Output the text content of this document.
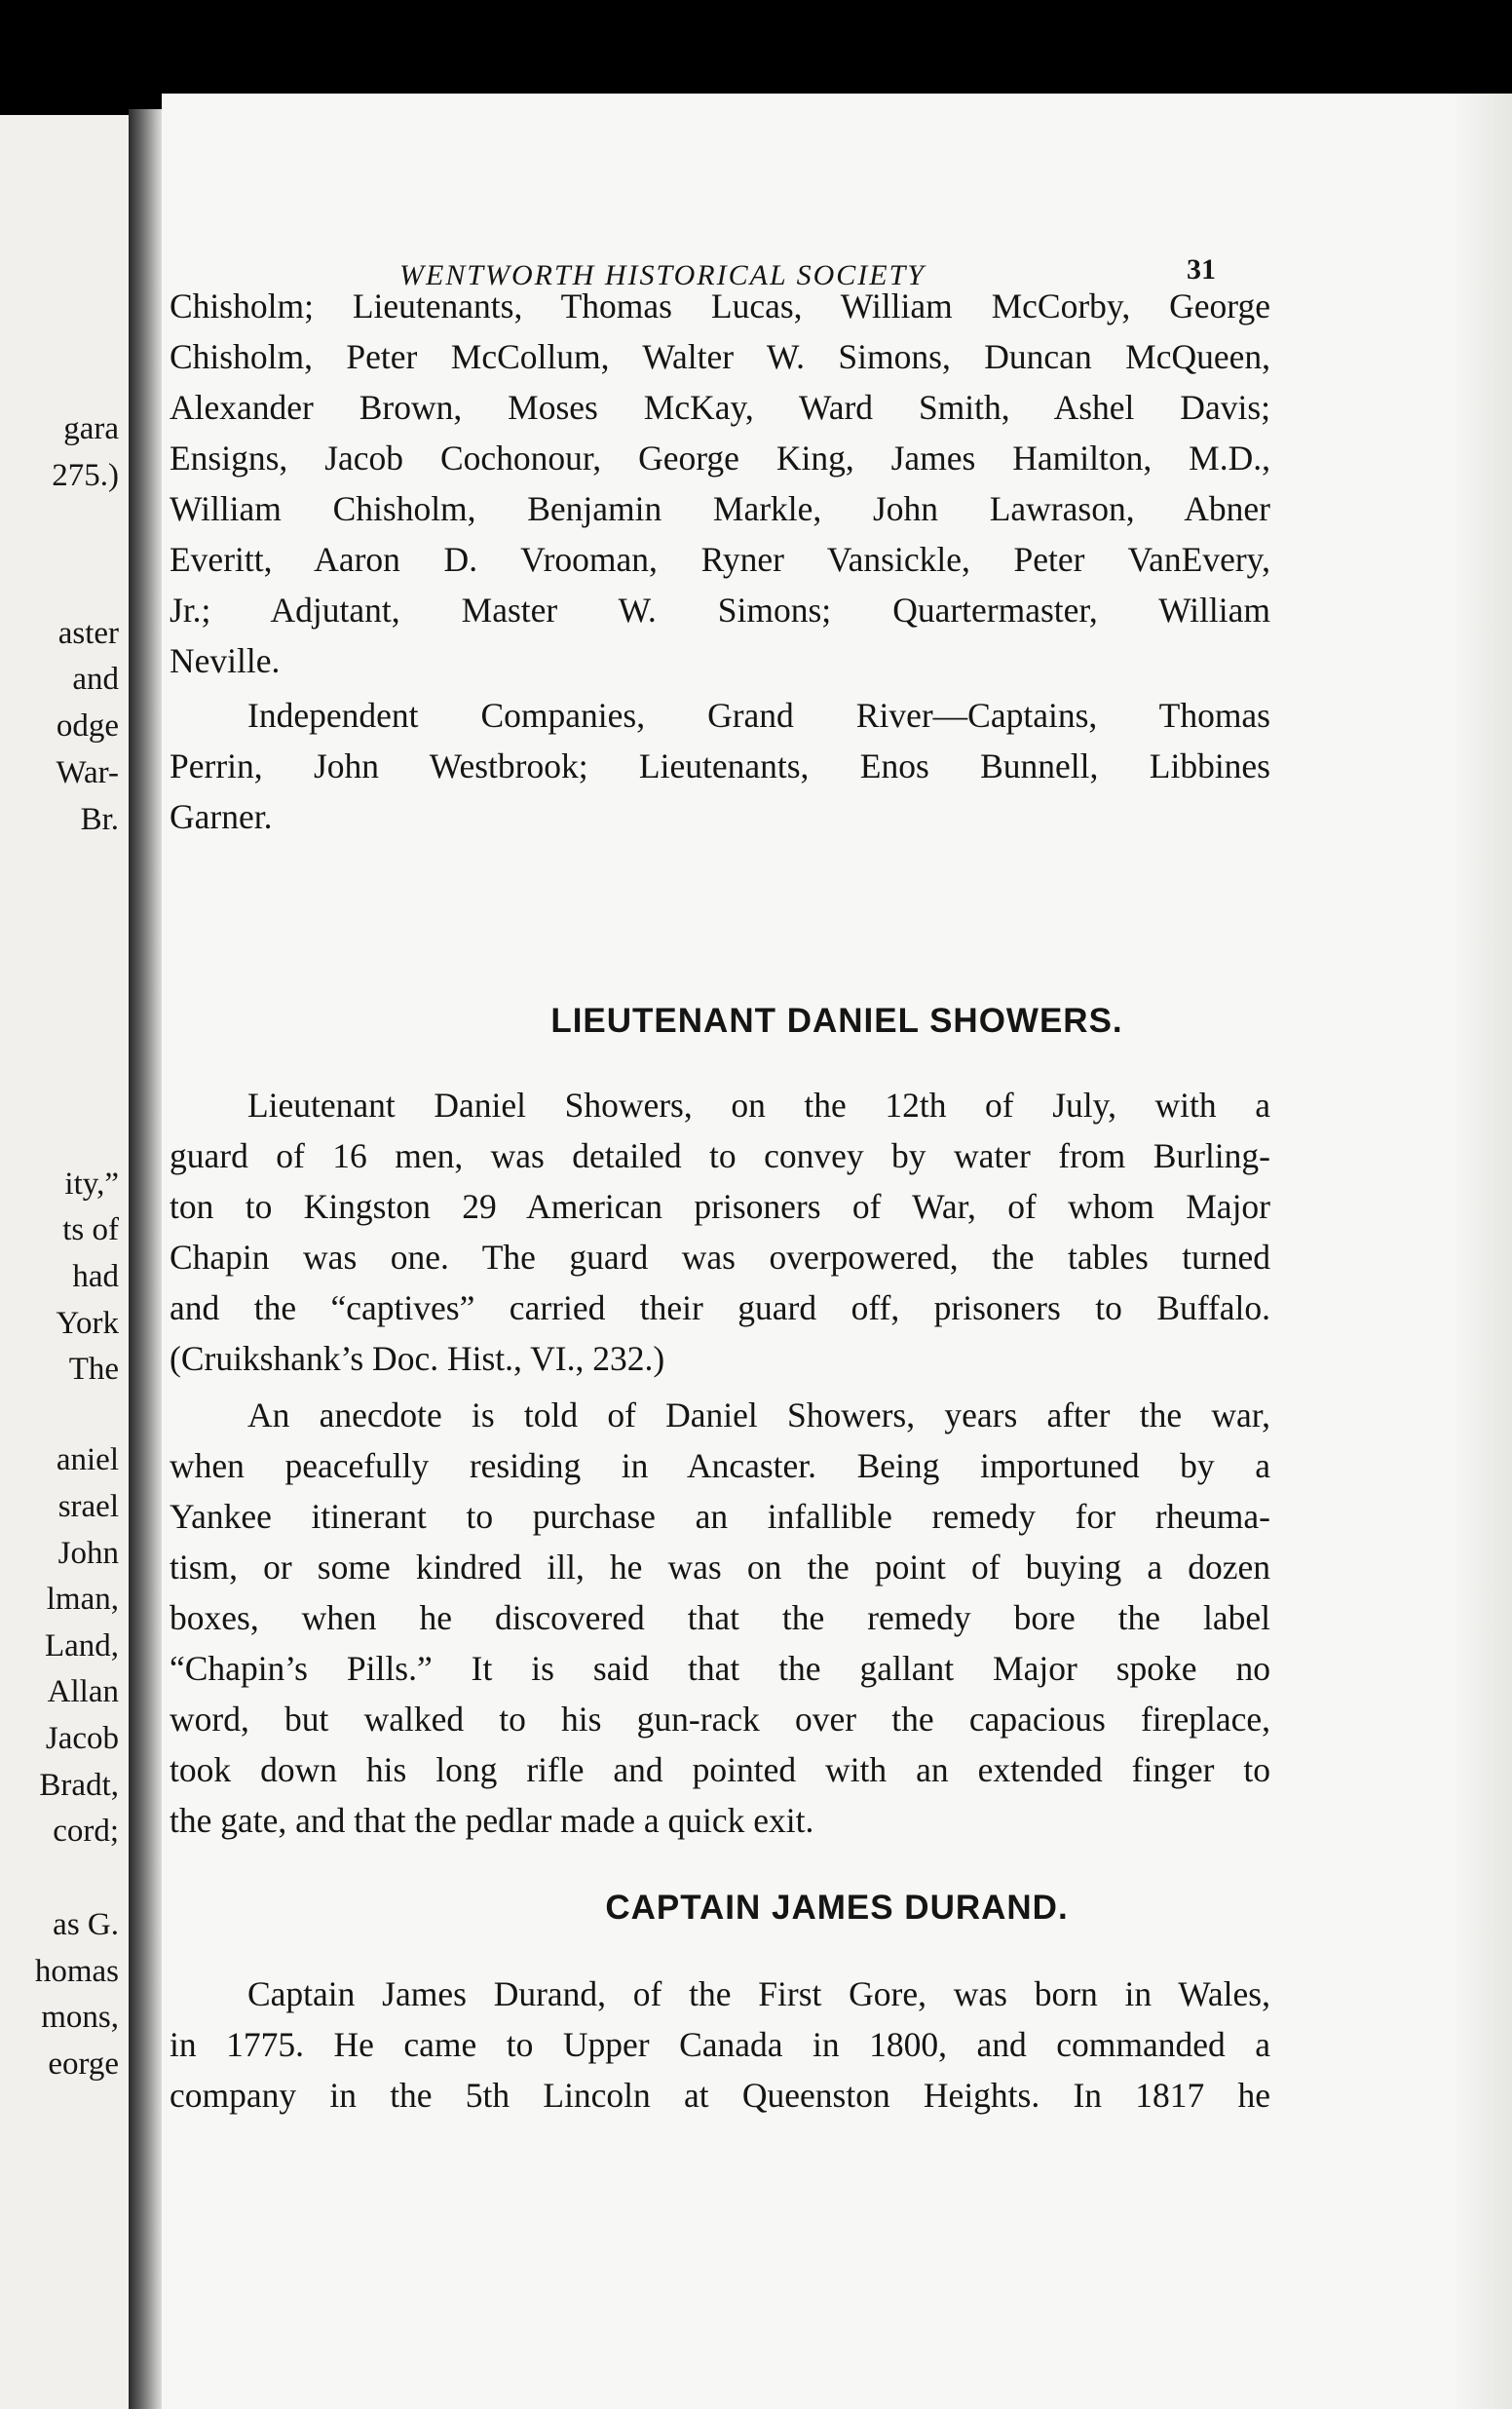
gara
275.)
aster
and
odge
War-
Br.
ity,”
ts of
had
York
The
aniel
srael
John
lman,
Land,
Allan
Jacob
Bradt,
cord;
as G.
homas
mons,
eorge
WENTWORTH HISTORICAL SOCIETY	31
Chisholm; Lieutenants, Thomas Lucas, William McCorby, George
Chisholm, Peter McCollum, Walter W. Simons, Duncan McQueen,
Alexander Brown, Moses McKay, Ward Smith, Ashel Davis;
Ensigns, Jacob Cochonour, George King, James Hamilton, M.D.,
William Chisholm, Benjamin Markle, John Lawrason, Abner
Everitt, Aaron D. Vrooman, Ryner Vansickle, Peter VanEvery,
Jr.; Adjutant, Master W. Simons; Quartermaster, William
Neville.
Independent Companies, Grand River—Captains, Thomas
Perrin, John Westbrook; Lieutenants, Enos Bunnell, Libbines
Garner.
LIEUTENANT DANIEL SHOWERS.
Lieutenant Daniel Showers, on the 12th of July, with a
guard of 16 men, was detailed to convey by water from Burling-
ton to Kingston 29 American prisoners of War, of whom Major
Chapin was one. The guard was overpowered, the tables turned
and the “captives” carried their guard off, prisoners to Buffalo.
(Cruikshank’s Doc. Hist., VI., 232.)
An anecdote is told of Daniel Showers, years after the war,
when peacefully residing in Ancaster. Being importuned by a
Yankee itinerant to purchase an infallible remedy for rheuma-
tism, or some kindred ill, he was on the point of buying a dozen
boxes, when he discovered that the remedy bore the label
“Chapin’s Pills.” It is said that the gallant Major spoke no
word, but walked to his gun-rack over the capacious fireplace,
took down his long rifle and pointed with an extended finger to
the gate, and that the pedlar made a quick exit.
CAPTAIN JAMES DURAND.
Captain James Durand, of the First Gore, was born in Wales,
in 1775. He came to Upper Canada in 1800, and commanded a
company in the 5th Lincoln at Queenston Heights. In 1817 he
